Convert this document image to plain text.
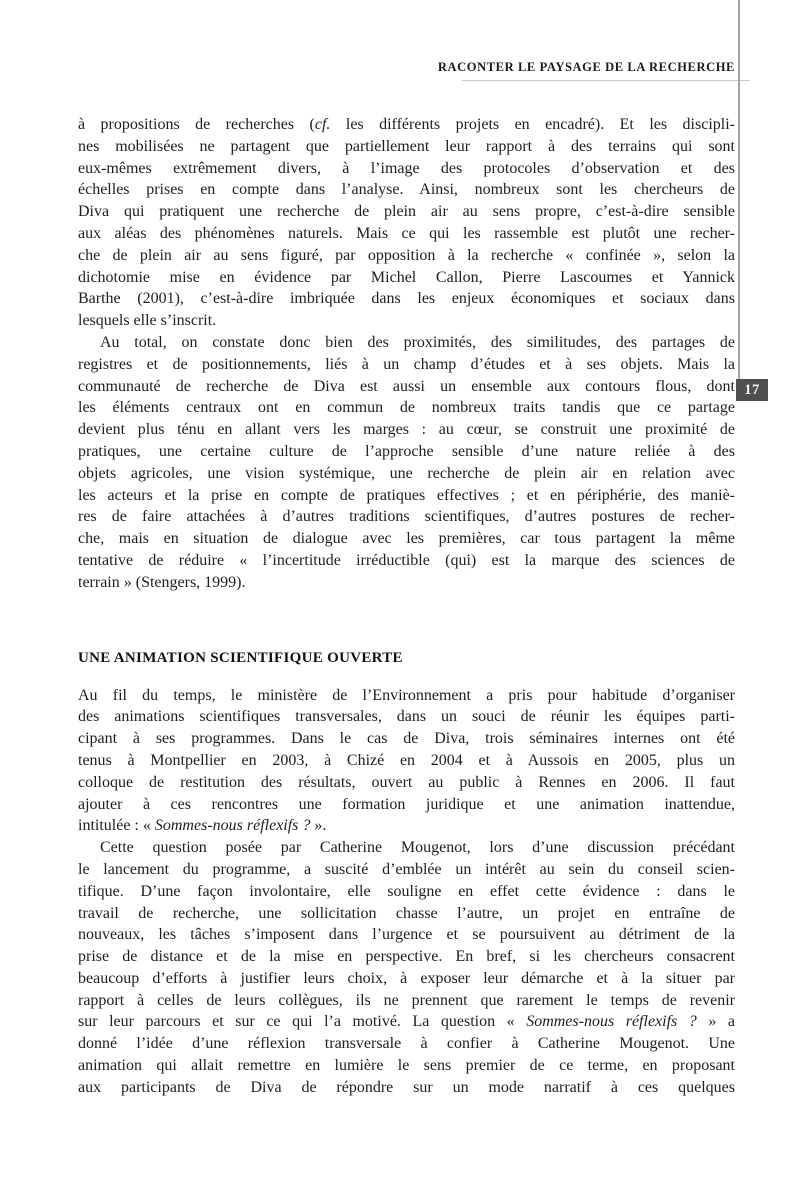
RACONTER LE PAYSAGE DE LA RECHERCHE
17
à propositions de recherches (cf. les différents projets en encadré). Et les discipli-
nes mobilisées ne partagent que partiellement leur rapport à des terrains qui sont
eux-mêmes extrêmement divers, à l’image des protocoles d’observation et des
échelles prises en compte dans l’analyse. Ainsi, nombreux sont les chercheurs de
Diva qui pratiquent une recherche de plein air au sens propre, c’est-à-dire sensible
aux aléas des phénomènes naturels. Mais ce qui les rassemble est plutôt une recher-
che de plein air au sens figuré, par opposition à la recherche « confinée », selon la
dichotomie mise en évidence par Michel Callon, Pierre Lascoumes et Yannick
Barthe (2001), c’est-à-dire imbriquée dans les enjeux économiques et sociaux dans
lesquels elle s’inscrit.
Au total, on constate donc bien des proximités, des similitudes, des partages de
registres et de positionnements, liés à un champ d’études et à ses objets. Mais la
communauté de recherche de Diva est aussi un ensemble aux contours flous, dont
les éléments centraux ont en commun de nombreux traits tandis que ce partage
devient plus ténu en allant vers les marges : au cœur, se construit une proximité de
pratiques, une certaine culture de l’approche sensible d’une nature reliée à des
objets agricoles, une vision systémique, une recherche de plein air en relation avec
les acteurs et la prise en compte de pratiques effectives ; et en périphérie, des maniè-
res de faire attachées à d’autres traditions scientifiques, d’autres postures de recher-
che, mais en situation de dialogue avec les premières, car tous partagent la même
tentative de réduire « l’incertitude irréductible (qui) est la marque des sciences de
terrain » (Stengers, 1999).
UNE ANIMATION SCIENTIFIQUE OUVERTE
Au fil du temps, le ministère de l’Environnement a pris pour habitude d’organiser
des animations scientifiques transversales, dans un souci de réunir les équipes parti-
cipant à ses programmes. Dans le cas de Diva, trois séminaires internes ont été
tenus à Montpellier en 2003, à Chizé en 2004 et à Aussois en 2005, plus un
colloque de restitution des résultats, ouvert au public à Rennes en 2006. Il faut
ajouter à ces rencontres une formation juridique et une animation inattendue,
intitulée : « Sommes-nous réflexifs ? ».
Cette question posée par Catherine Mougenot, lors d’une discussion précédant
le lancement du programme, a suscité d’emblée un intérêt au sein du conseil scien-
tifique. D’une façon involontaire, elle souligne en effet cette évidence : dans le
travail de recherche, une sollicitation chasse l’autre, un projet en entraîne de
nouveaux, les tâches s’imposent dans l’urgence et se poursuivent au détriment de la
prise de distance et de la mise en perspective. En bref, si les chercheurs consacrent
beaucoup d’efforts à justifier leurs choix, à exposer leur démarche et à la situer par
rapport à celles de leurs collègues, ils ne prennent que rarement le temps de revenir
sur leur parcours et sur ce qui l’a motivé. La question « Sommes-nous réflexifs ? » a
donné l’idée d’une réflexion transversale à confier à Catherine Mougenot. Une
animation qui allait remettre en lumière le sens premier de ce terme, en proposant
aux participants de Diva de répondre sur un mode narratif à ces quelques
